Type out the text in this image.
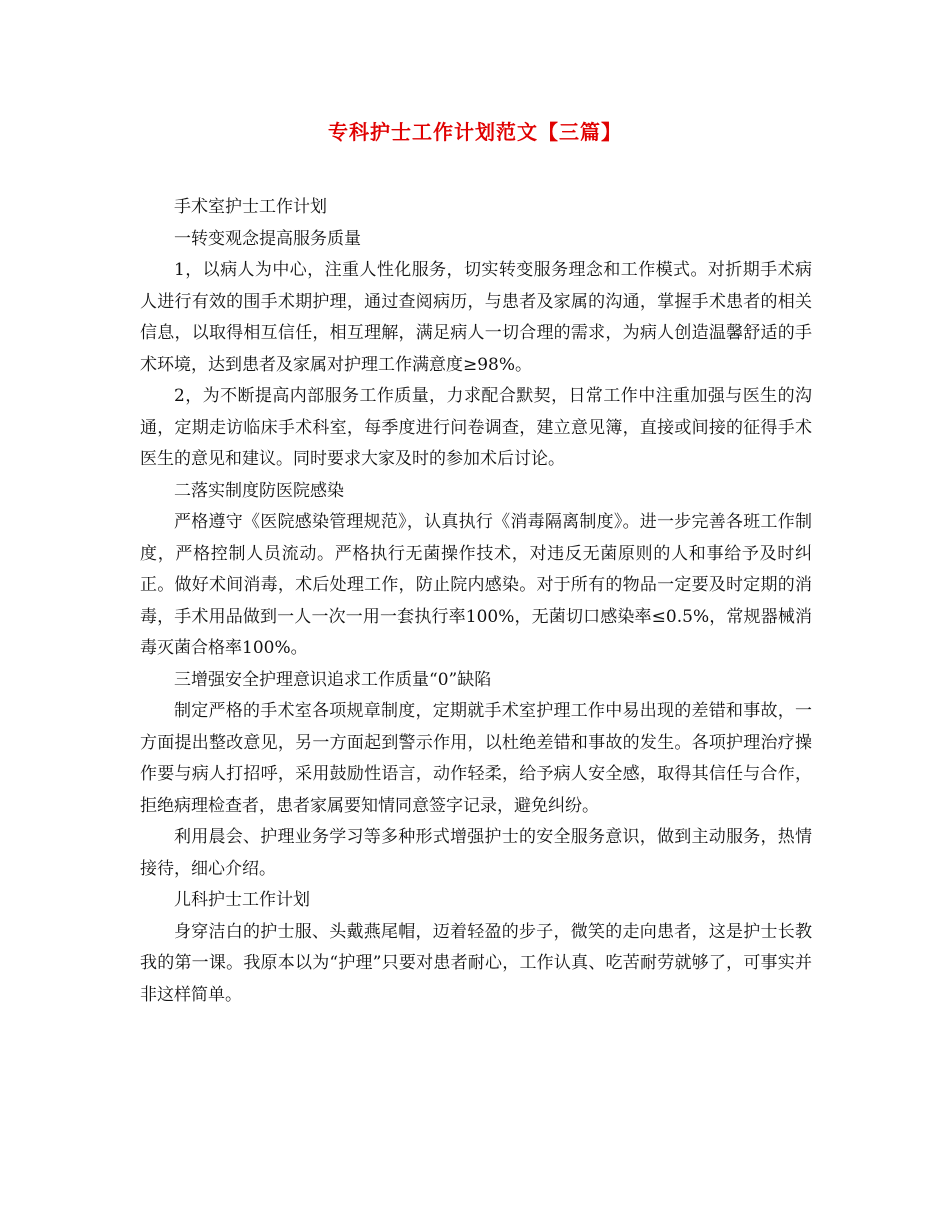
专科护士工作计划范文【三篇】

手术室护士工作计划

一转变观念提高服务质量

1，以病人为中心，注重人性化服务，切实转变服务理念和工作模式。对折期手术病人进行有效的围手术期护理，通过查阅病历，与患者及家属的沟通，掌握手术患者的相关信息，以取得相互信任，相互理解，满足病人一切合理的需求，为病人创造温馨舒适的手术环境，达到患者及家属对护理工作满意度≥98%。

2，为不断提高内部服务工作质量，力求配合默契，日常工作中注重加强与医生的沟通，定期走访临床手术科室，每季度进行问卷调查，建立意见簿，直接或间接的征得手术医生的意见和建议。同时要求大家及时的参加术后讨论。

二落实制度防医院感染

严格遵守《医院感染管理规范》，认真执行《消毒隔离制度》。进一步完善各班工作制度，严格控制人员流动。严格执行无菌操作技术，对违反无菌原则的人和事给予及时纠正。做好术间消毒，术后处理工作，防止院内感染。对于所有的物品一定要及时定期的消毒，手术用品做到一人一次一用一套执行率100%，无菌切口感染率≤0.5%，常规器械消毒灭菌合格率100%。

三增强安全护理意识追求工作质量“0”缺陷

制定严格的手术室各项规章制度，定期就手术室护理工作中易出现的差错和事故，一方面提出整改意见，另一方面起到警示作用，以杜绝差错和事故的发生。各项护理治疗操作要与病人打招呼，采用鼓励性语言，动作轻柔，给予病人安全感，取得其信任与合作，拒绝病理检查者，患者家属要知情同意签字记录，避免纠纷。

利用晨会、护理业务学习等多种形式增强护士的安全服务意识，做到主动服务，热情接待，细心介绍。

儿科护士工作计划

身穿洁白的护士服、头戴燕尾帽，迈着轻盈的步子，微笑的走向患者，这是护士长教我的第一课。我原本以为“护理”只要对患者耐心，工作认真、吃苦耐劳就够了，可事实并非这样简单。
